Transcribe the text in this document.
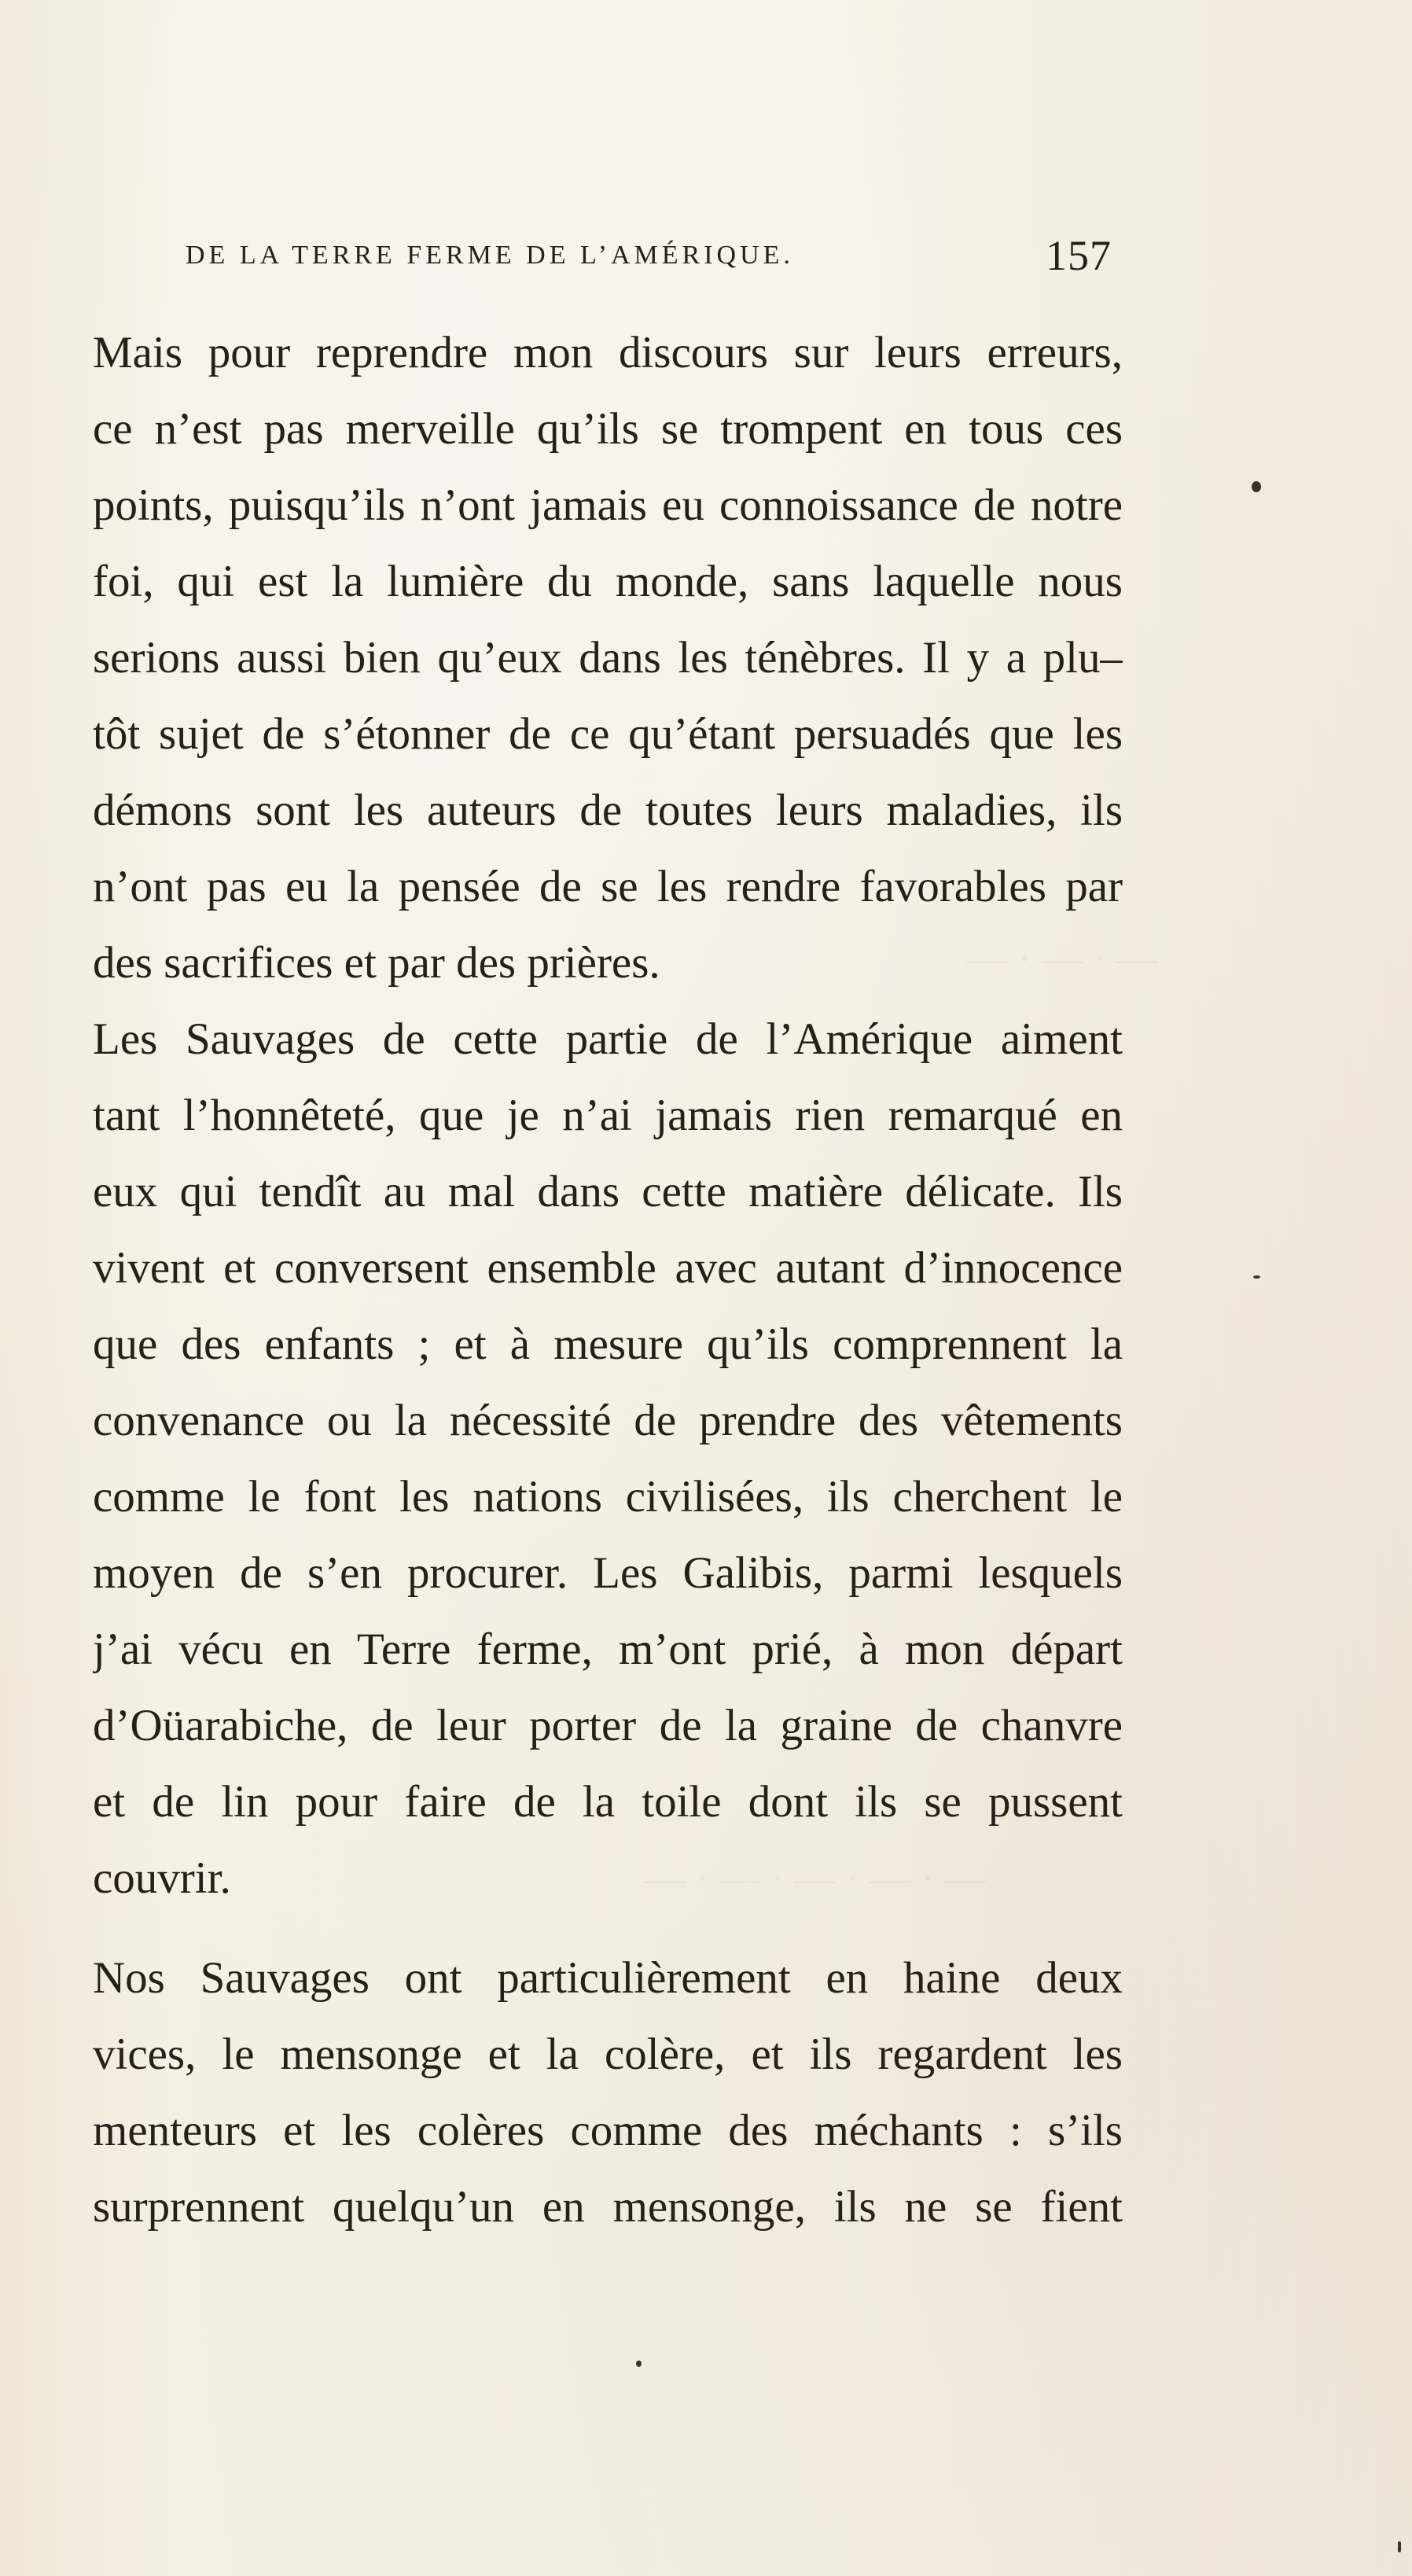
— · — · —
— · — · — · — · —
DE LA TERRE FERME DE L’AMÉRIQUE.	157
Mais pour reprendre mon discours sur leurs erreurs,
ce n’est pas merveille qu’ils se trompent en tous ces
points, puisqu’ils n’ont jamais eu connoissance de notre
foi, qui est la lumière du monde, sans laquelle nous
serions aussi bien qu’eux dans les ténèbres. Il y a plu–
tôt sujet de s’étonner de ce qu’étant persuadés que les
démons sont les auteurs de toutes leurs maladies, ils
n’ont pas eu la pensée de se les rendre favorables par
des sacrifices et par des prières.
Les Sauvages de cette partie de l’Amérique aiment
tant l’honnêteté, que je n’ai jamais rien remarqué en
eux qui tendît au mal dans cette matière délicate. Ils
vivent et conversent ensemble avec autant d’innocence
que des enfants ; et à mesure qu’ils comprennent la
convenance ou la nécessité de prendre des vêtements
comme le font les nations civilisées, ils cherchent le
moyen de s’en procurer. Les Galibis, parmi lesquels
j’ai vécu en Terre ferme, m’ont prié, à mon départ
d’Oüarabiche, de leur porter de la graine de chanvre
et de lin pour faire de la toile dont ils se pussent
couvrir.
Nos Sauvages ont particulièrement en haine deux
vices, le mensonge et la colère, et ils regardent les
menteurs et les colères comme des méchants : s’ils
surprennent quelqu’un en mensonge, ils ne se fient
